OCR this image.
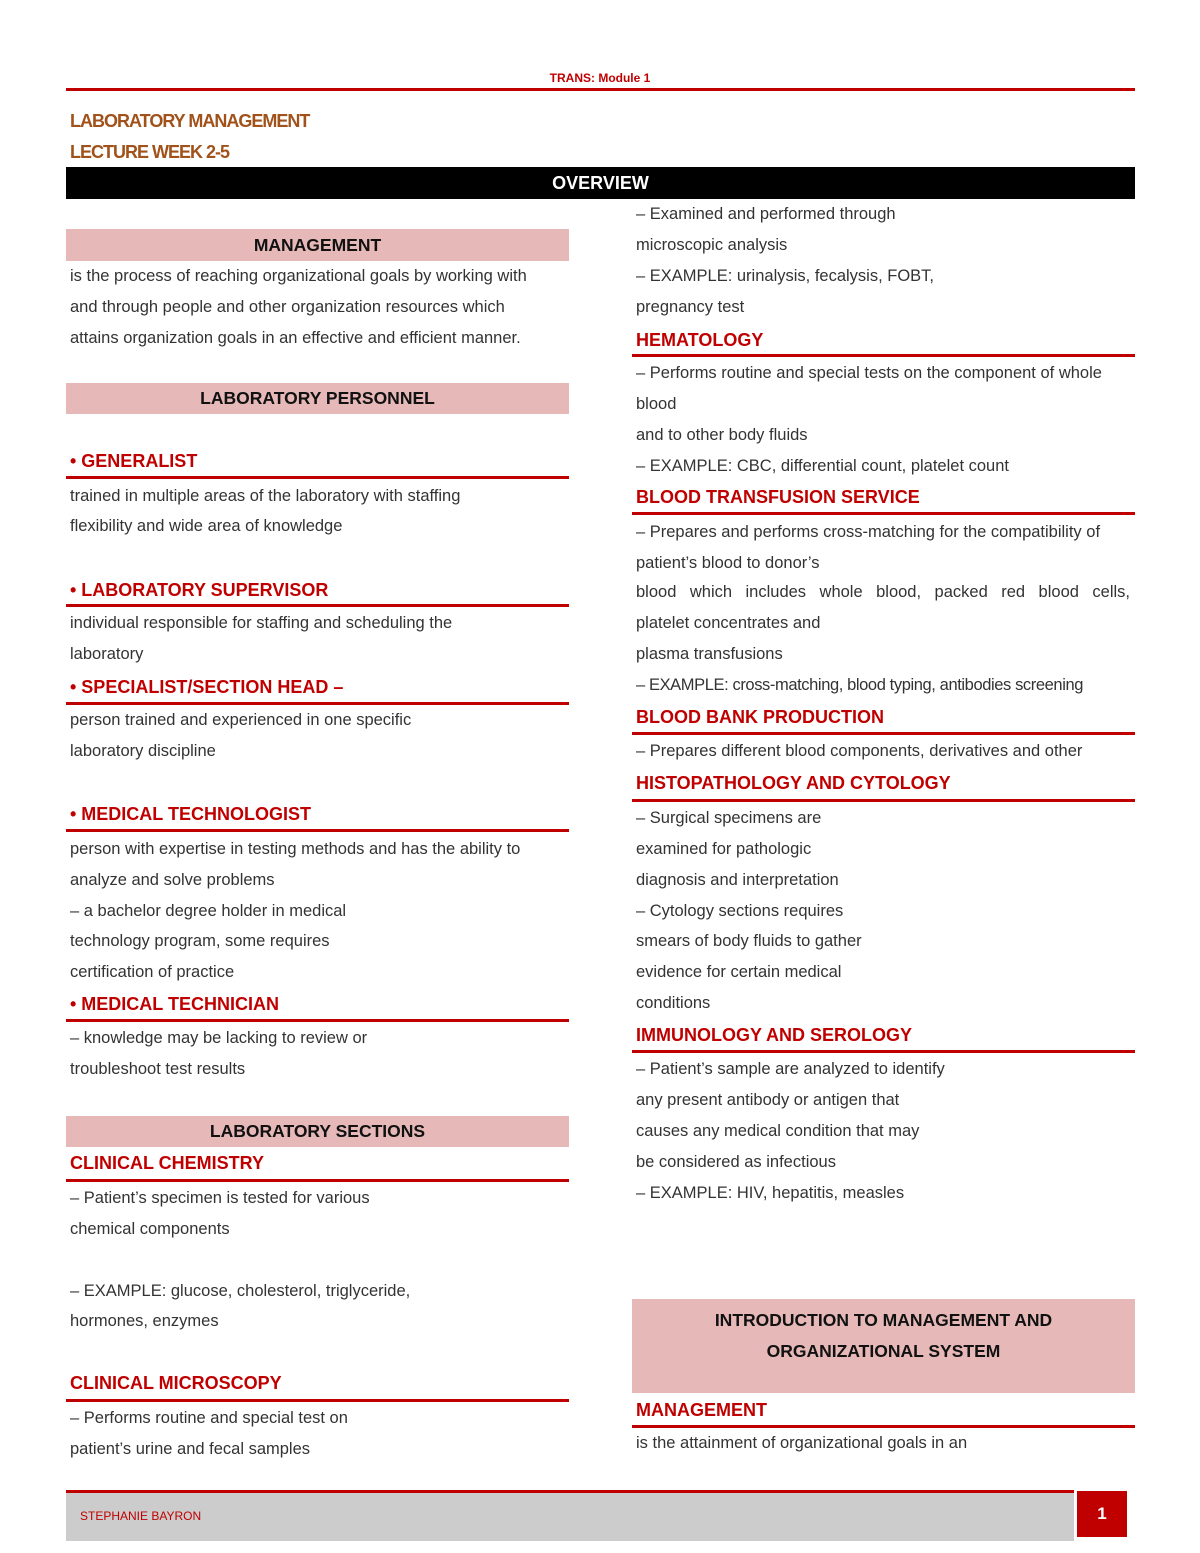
TRANS: Module 1
LABORATORY MANAGEMENT
LECTURE WEEK 2-5
OVERVIEW
MANAGEMENT
is the process of reaching organizational goals by working with
and through people and other organization resources which
attains organization goals in an effective and efficient manner.
LABORATORY PERSONNEL
• GENERALIST
trained in multiple areas of the laboratory with staffing
flexibility and wide area of knowledge
• LABORATORY SUPERVISOR
individual responsible for staffing and scheduling the
laboratory
• SPECIALIST/SECTION HEAD –
person trained and experienced in one specific
laboratory discipline
• MEDICAL TECHNOLOGIST
person with expertise in testing methods and has the ability to
analyze and solve problems
– a bachelor degree holder in medical
technology program, some requires
certification of practice
• MEDICAL TECHNICIAN
– knowledge may be lacking to review or
troubleshoot test results
LABORATORY SECTIONS
CLINICAL CHEMISTRY
– Patient’s specimen is tested for various
chemical components
– EXAMPLE: glucose, cholesterol, triglyceride,
hormones, enzymes
CLINICAL MICROSCOPY
– Performs routine and special test on
patient’s urine and fecal samples
– Examined and performed through
microscopic analysis
– EXAMPLE: urinalysis, fecalysis, FOBT,
pregnancy test
HEMATOLOGY
– Performs routine and special tests on the component of whole
blood
and to other body fluids
– EXAMPLE: CBC, differential count, platelet count
BLOOD TRANSFUSION SERVICE
– Prepares and performs cross-matching for the compatibility of
patient’s blood to donor’s
blood which includes whole blood, packed red blood cells,
platelet concentrates and
plasma transfusions
– EXAMPLE: cross-matching, blood typing, antibodies screening
BLOOD BANK PRODUCTION
– Prepares different blood components, derivatives and other
HISTOPATHOLOGY AND CYTOLOGY
– Surgical specimens are
examined for pathologic
diagnosis and interpretation
– Cytology sections requires
smears of body fluids to gather
evidence for certain medical
conditions
IMMUNOLOGY AND SEROLOGY
– Patient’s sample are analyzed to identify
any present antibody or antigen that
causes any medical condition that may
be considered as infectious
– EXAMPLE: HIV, hepatitis, measles
INTRODUCTION TO MANAGEMENT AND
ORGANIZATIONAL SYSTEM
MANAGEMENT
is the attainment of organizational goals in an
STEPHANIE BAYRON	1
